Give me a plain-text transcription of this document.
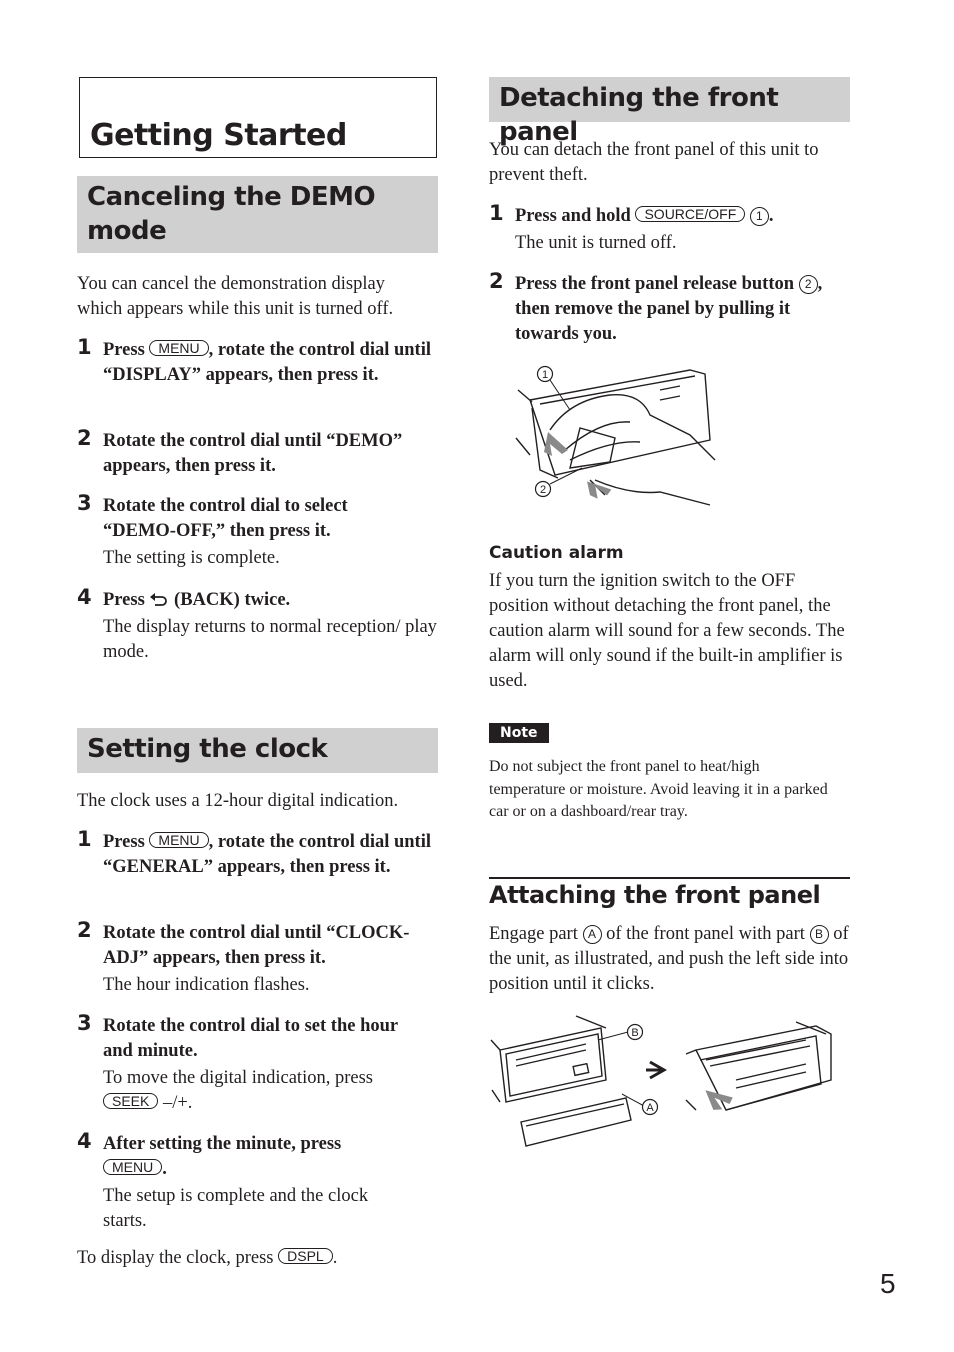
Getting Started
Canceling the DEMO mode

You can cancel the demonstration display which appears while this unit is turned off.

1 Press MENU , rotate the control dial until “DISPLAY” appears, then press it.
2 Rotate the control dial until “DEMO” appears, then press it.
3 Rotate the control dial to select “DEMO-OFF,” then press it.
The setting is complete.
4 Press  (BACK) twice.
The display returns to normal reception/ play mode.
Setting the clock

The clock uses a 12-hour digital indication.

1 Press MENU , rotate the control dial until “GENERAL” appears, then press it.
2 Rotate the control dial until “CLOCK-ADJ” appears, then press it.
The hour indication flashes.
3 Rotate the control dial to set the hour and minute.
To move the digital indication, press
SEEK –/+.
4 After setting the minute, press
MENU .
The setup is complete and the clock starts.

To display the clock, press DSPL .

Detaching the front panel

You can detach the front panel of this unit to prevent theft.

1 Press and hold SOURCE/OFF 1 .
The unit is turned off.
2 Press the front panel release button 2 , then remove the panel by pulling it towards you.
1
2
Caution alarm

If you turn the ignition switch to the OFF position without detaching the front panel, the caution alarm will sound for a few seconds. The alarm will only sound if the built-in amplifier is used.

Note

Do not subject the front panel to heat/high temperature or moisture. Avoid leaving it in a parked car or on a dashboard/rear tray.

Attaching the front panel

Engage part A of the front panel with part B of the unit, as illustrated, and push the left side into position until it clicks.

B
A
5
